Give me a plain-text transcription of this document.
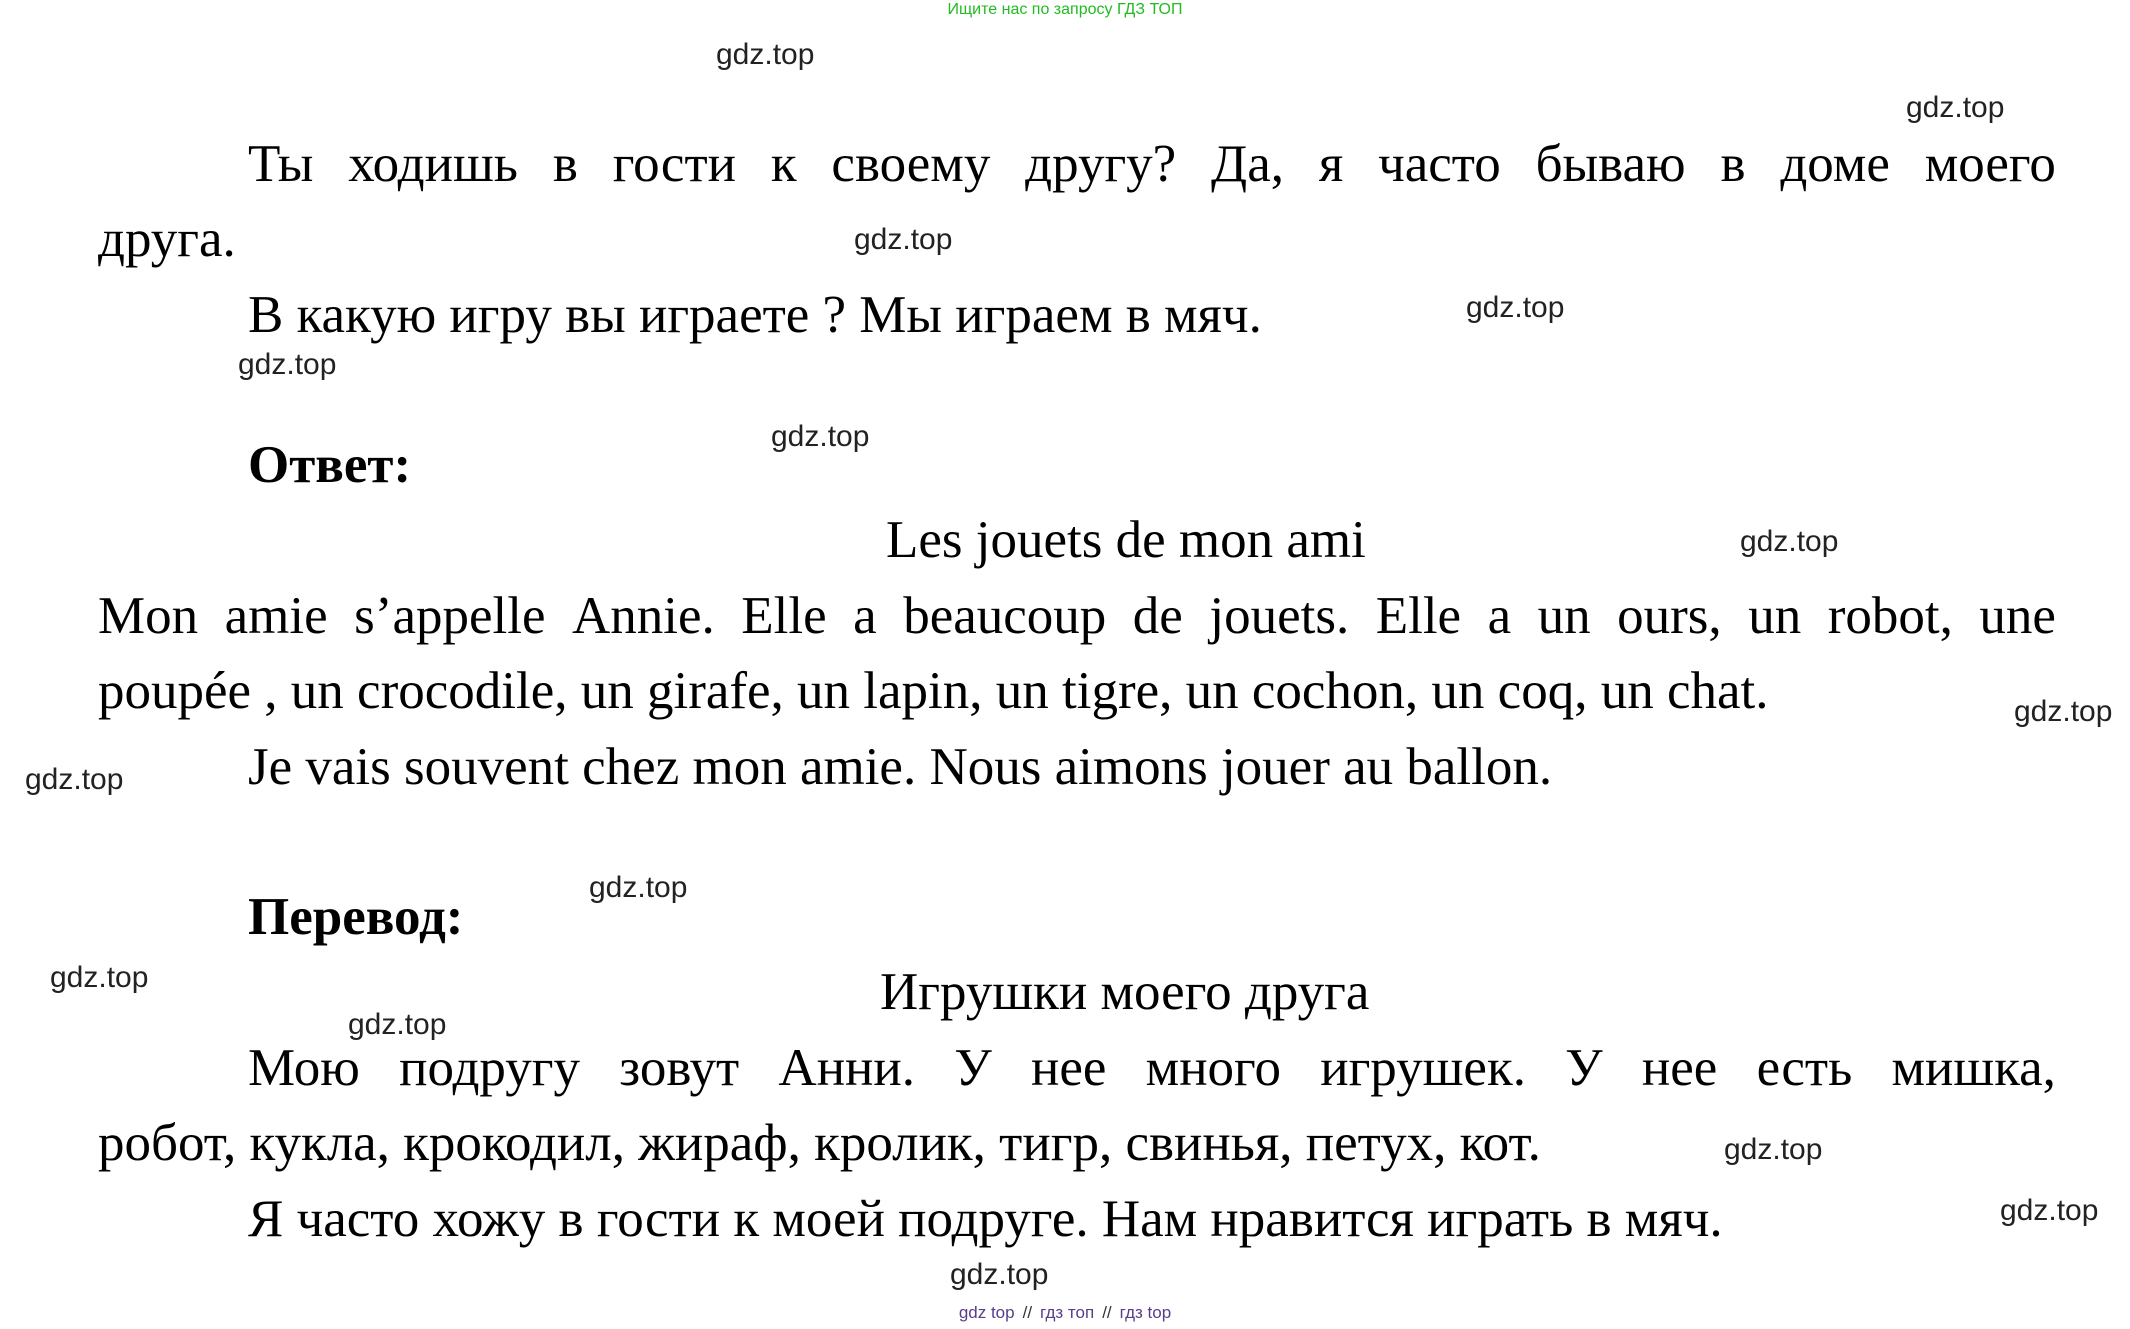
Ищите нас по запросу ГДЗ ТОП
Ты ходишь в гости к своему другу? Да, я часто бываю в доме моего
друга.
В какую игру вы играете ? Мы играем в мяч.
Ответ:
Les jouets de mon ami
Mon amie s’appelle Annie. Elle a beaucoup de jouets. Elle a un ours, un robot, une
poupée , un crocodile, un girafe, un lapin, un tigre, un cochon, un coq, un chat.
Je vais souvent chez mon amie. Nous aimons jouer au ballon.
Перевод:
Игрушки моего друга
Мою подругу зовут Анни. У нее много игрушек. У нее есть мишка,
робот, кукла, крокодил, жираф, кролик, тигр, свинья, петух, кот.
Я часто хожу в гости к моей подруге. Нам нравится играть в мяч.
gdz.top
gdz.top
gdz.top
gdz.top
gdz.top
gdz.top
gdz.top
gdz.top
gdz.top
gdz.top
gdz.top
gdz.top
gdz.top
gdz.top
gdz.top
gdz top // гдз топ // гдз top
